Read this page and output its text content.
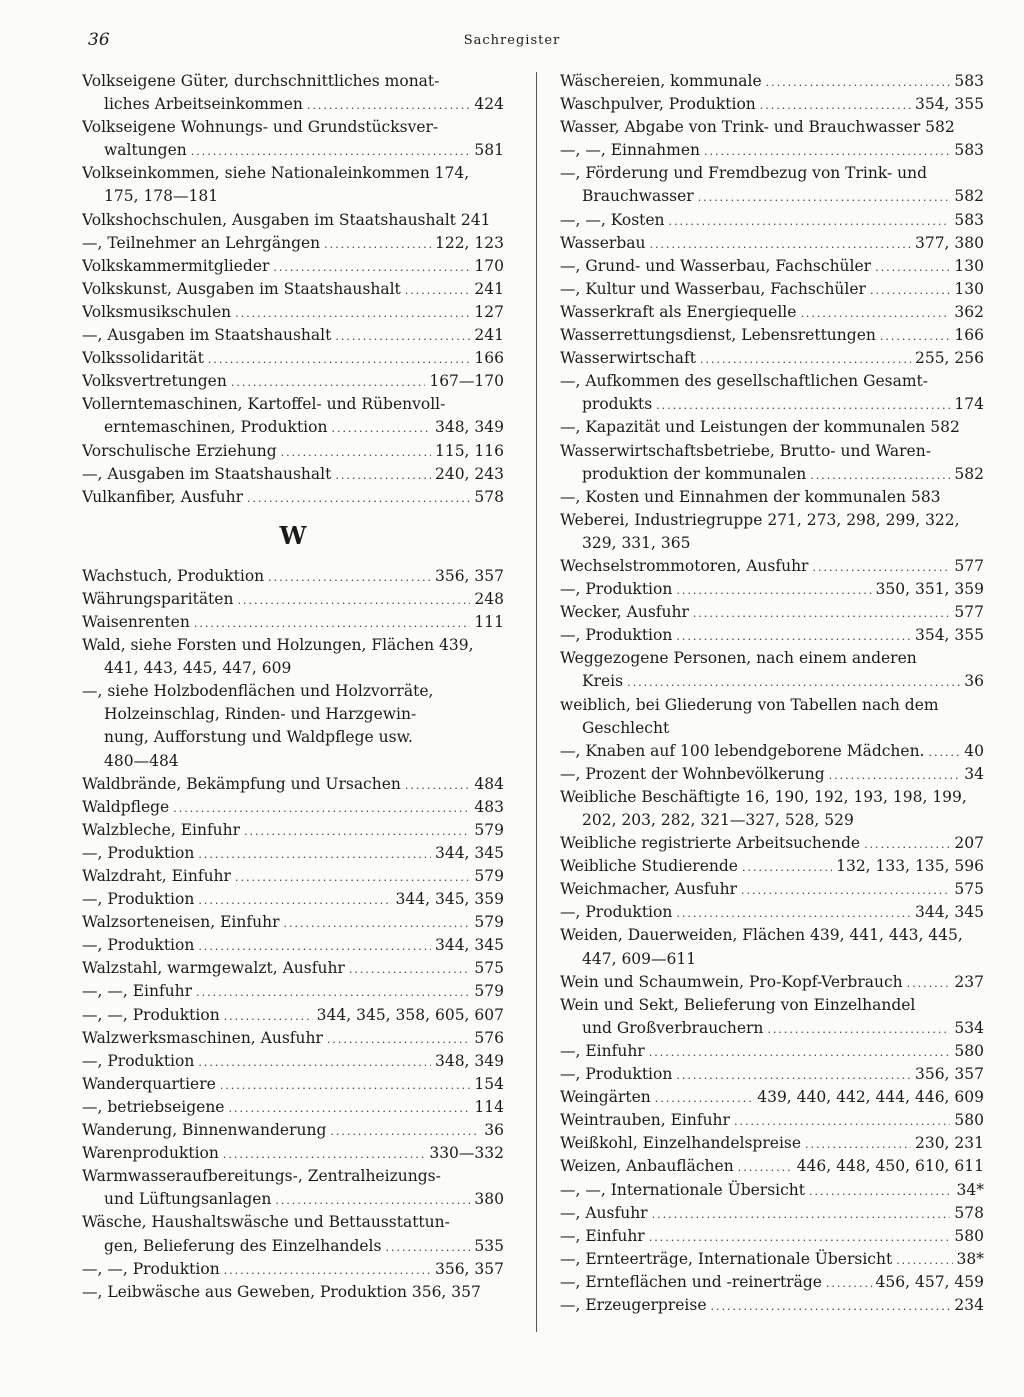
36	Sachregister
Volkseigene Güter, durchschnittliches monat-
liches Arbeitseinkommen .....	424
Volkseigene Wohnungs- und Grundstücksver-
waltungen .....	581
Volkseinkommen, siehe Nationaleinkommen 174,
175, 178—181
Volkshochschulen, Ausgaben im Staatshaushalt 241
—, Teilnehmer an Lehrgängen .....	122, 123
Volkskammermitglieder .....	170
Volkskunst, Ausgaben im Staatshaushalt .....	241
Volksmusikschulen .....	127
—, Ausgaben im Staatshaushalt .....	241
Volkssolidarität .....	166
Volksvertretungen .....	167—170
Vollerntemaschinen, Kartoffel- und Rübenvoll-
erntemaschinen, Produktion .....	348, 349
Vorschulische Erziehung .....	115, 116
—, Ausgaben im Staatshaushalt .....	240, 243
Vulkanfiber, Ausfuhr .....	578
W
Wachstuch, Produktion .....	356, 357
Währungsparitäten .....	248
Waisenrenten .....	111
Wald, siehe Forsten und Holzungen, Flächen 439,
441, 443, 445, 447, 609
—, siehe Holzbodenflächen und Holzvorräte,
Holzeinschlag, Rinden- und Harzgewin-
nung, Aufforstung und Waldpflege usw.
480—484
Waldbrände, Bekämpfung und Ursachen .....	484
Waldpflege .....	483
Walzbleche, Einfuhr .....	579
—, Produktion .....	344, 345
Walzdraht, Einfuhr .....	579
—, Produktion .....	344, 345, 359
Walzsorteneisen, Einfuhr .....	579
—, Produktion .....	344, 345
Walzstahl, warmgewalzt, Ausfuhr .....	575
—, —, Einfuhr .....	579
—, —, Produktion .....	344, 345, 358, 605, 607
Walzwerksmaschinen, Ausfuhr .....	576
—, Produktion .....	348, 349
Wanderquartiere .....	154
—, betriebseigene .....	114
Wanderung, Binnenwanderung .....	36
Warenproduktion .....	330—332
Warmwasseraufbereitungs-, Zentralheizungs-
und Lüftungsanlagen .....	380
Wäsche, Haushaltswäsche und Bettausstattun-
gen, Belieferung des Einzelhandels .....	535
—, —, Produktion .....	356, 357
—, Leibwäsche aus Geweben, Produktion 356, 357
Wäschereien, kommunale .....	583
Waschpulver, Produktion .....	354, 355
Wasser, Abgabe von Trink- und Brauchwasser 582
—, —, Einnahmen .....	583
—, Förderung und Fremdbezug von Trink- und
Brauchwasser .....	582
—, —, Kosten .....	583
Wasserbau .....	377, 380
—, Grund- und Wasserbau, Fachschüler .....	130
—, Kultur und Wasserbau, Fachschüler .....	130
Wasserkraft als Energiequelle .....	362
Wasserrettungsdienst, Lebensrettungen .....	166
Wasserwirtschaft .....	255, 256
—, Aufkommen des gesellschaftlichen Gesamt-
produkts .....	174
—, Kapazität und Leistungen der kommunalen 582
Wasserwirtschaftsbetriebe, Brutto- und Waren-
produktion der kommunalen .....	582
—, Kosten und Einnahmen der kommunalen 583
Weberei, Industriegruppe 271, 273, 298, 299, 322,
329, 331, 365
Wechselstrommotoren, Ausfuhr .....	577
—, Produktion .....	350, 351, 359
Wecker, Ausfuhr .....	577
—, Produktion .....	354, 355
Weggezogene Personen, nach einem anderen
Kreis .....	36
weiblich, bei Gliederung von Tabellen nach dem
Geschlecht
—, Knaben auf 100 lebendgeborene Mädchen. .....	40
—, Prozent der Wohnbevölkerung .....	34
Weibliche Beschäftigte 16, 190, 192, 193, 198, 199,
202, 203, 282, 321—327, 528, 529
Weibliche registrierte Arbeitsuchende .....	207
Weibliche Studierende .....	132, 133, 135, 596
Weichmacher, Ausfuhr .....	575
—, Produktion .....	344, 345
Weiden, Dauerweiden, Flächen 439, 441, 443, 445,
447, 609—611
Wein und Schaumwein, Pro-Kopf-Verbrauch .....	237
Wein und Sekt, Belieferung von Einzelhandel
und Großverbrauchern .....	534
—, Einfuhr .....	580
—, Produktion .....	356, 357
Weingärten .....	439, 440, 442, 444, 446, 609
Weintrauben, Einfuhr .....	580
Weißkohl, Einzelhandelspreise .....	230, 231
Weizen, Anbauflächen .....	446, 448, 450, 610, 611
—, —, Internationale Übersicht .....	34*
—, Ausfuhr .....	578
—, Einfuhr .....	580
—, Ernteerträge, Internationale Übersicht .....	38*
—, Ernteflächen und -reinerträge .....	456, 457, 459
—, Erzeugerpreise .....	234
